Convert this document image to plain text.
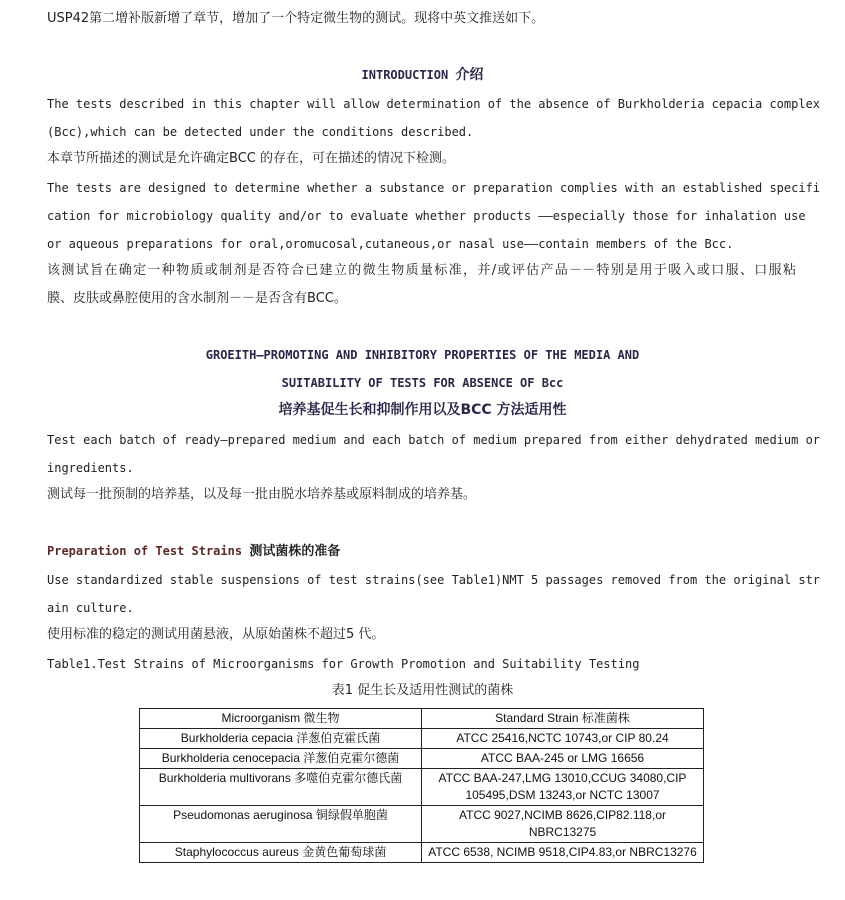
USP42第二增补版新增了章节，增加了一个特定微生物的测试。现将中英文推送如下。
INTRODUCTION 介绍
The tests described in this chapter will allow determination of the absence of Burkholderia cepacia complex
(Bcc),which can be detected under the conditions described.
本章节所描述的测试是允许确定BCC 的存在，可在描述的情况下检测。
The tests are designed to determine whether a substance or preparation complies with an established specifi
cation for microbiology quality and/or to evaluate whether products ——especially those for inhalation use
or aqueous preparations for oral,oromucosal,cutaneous,or nasal use——contain members of the Bcc.
该测试旨在确定一种物质或制剂是否符合已建立的微生物质量标准，并/或评估产品－－特别是用于吸入或口服、口服粘
膜、皮肤或鼻腔使用的含水制剂－－是否含有BCC。
GROEITH—PROMOTING AND INHIBITORY PROPERTIES OF THE MEDIA AND
SUITABILITY OF TESTS FOR ABSENCE OF Bcc
培养基促生长和抑制作用以及BCC 方法适用性
Test each batch of ready—prepared medium and each batch of medium prepared from either dehydrated medium or
ingredients.
测试每一批预制的培养基，以及每一批由脱水培养基或原料制成的培养基。
Preparation of Test Strains 测试菌株的准备
Use standardized stable suspensions of test strains(see Table1)NMT 5 passages removed from the original str
ain culture.
使用标准的稳定的测试用菌悬液，从原始菌株不超过5 代。
Table1.Test Strains of Microorganisms for Growth Promotion and Suitability Testing
表1 促生长及适用性测试的菌株
Microorganism 微生物	Standard Strain 标准菌株
Burkholderia cepacia 洋葱伯克霍氏菌	ATCC 25416,NCTC 10743,or CIP 80.24
Burkholderia cenocepacia 洋葱伯克霍尔德菌	ATCC BAA-245 or LMG 16656
Burkholderia multivorans 多噬伯克霍尔德氏菌	ATCC BAA-247,LMG 13010,CCUG 34080,CIP 105495,DSM 13243,or NCTC 13007
Pseudomonas aeruginosa 铜绿假单胞菌	ATCC 9027,NCIMB 8626,CIP82.118,or NBRC13275
Staphylococcus aureus 金黄色葡萄球菌	ATCC 6538, NCIMB 9518,CIP4.83,or NBRC13276
